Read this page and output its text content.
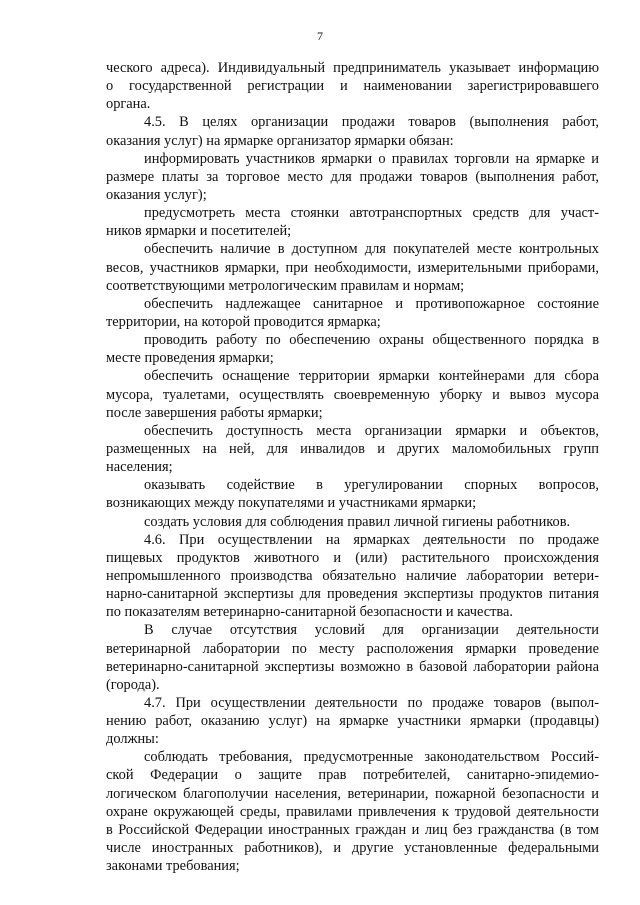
7
ческого адреса). Индивидуальный предприниматель указывает информацию
о государственной регистрации и наименовании зарегистрировавшего
органа.
4.5. В целях организации продажи товаров (выполнения работ,
оказания услуг) на ярмарке организатор ярмарки обязан:
информировать участников ярмарки о правилах торговли на ярмарке и
размере платы за торговое место для продажи товаров (выполнения работ,
оказания услуг);
предусмотреть места стоянки автотранспортных средств для участ-
ников ярмарки и посетителей;
обеспечить наличие в доступном для покупателей месте контрольных
весов, участников ярмарки, при необходимости, измерительными приборами,
соответствующими метрологическим правилам и нормам;
обеспечить надлежащее санитарное и противопожарное состояние
территории, на которой проводится ярмарка;
проводить работу по обеспечению охраны общественного порядка в
месте проведения ярмарки;
обеспечить оснащение территории ярмарки контейнерами для сбора
мусора, туалетами, осуществлять своевременную уборку и вывоз мусора
после завершения работы ярмарки;
обеспечить доступность места организации ярмарки и объектов,
размещенных на ней, для инвалидов и других маломобильных групп
населения;
оказывать содействие в урегулировании спорных вопросов,
возникающих между покупателями и участниками ярмарки;
создать условия для соблюдения правил личной гигиены работников.
4.6. При осуществлении на ярмарках деятельности по продаже
пищевых продуктов животного и (или) растительного происхождения
непромышленного производства обязательно наличие лаборатории ветери-
нарно-санитарной экспертизы для проведения экспертизы продуктов питания
по показателям ветеринарно-санитарной безопасности и качества.
В случае отсутствия условий для организации деятельности
ветеринарной лаборатории по месту расположения ярмарки проведение
ветеринарно-санитарной экспертизы возможно в базовой лаборатории района
(города).
4.7. При осуществлении деятельности по продаже товаров (выпол-
нению работ, оказанию услуг) на ярмарке участники ярмарки (продавцы)
должны:
соблюдать требования, предусмотренные законодательством Россий-
ской Федерации о защите прав потребителей, санитарно-эпидемио-
логическом благополучии населения, ветеринарии, пожарной безопасности и
охране окружающей среды, правилами привлечения к трудовой деятельности
в Российской Федерации иностранных граждан и лиц без гражданства (в том
числе иностранных работников), и другие установленные федеральными
законами требования;
